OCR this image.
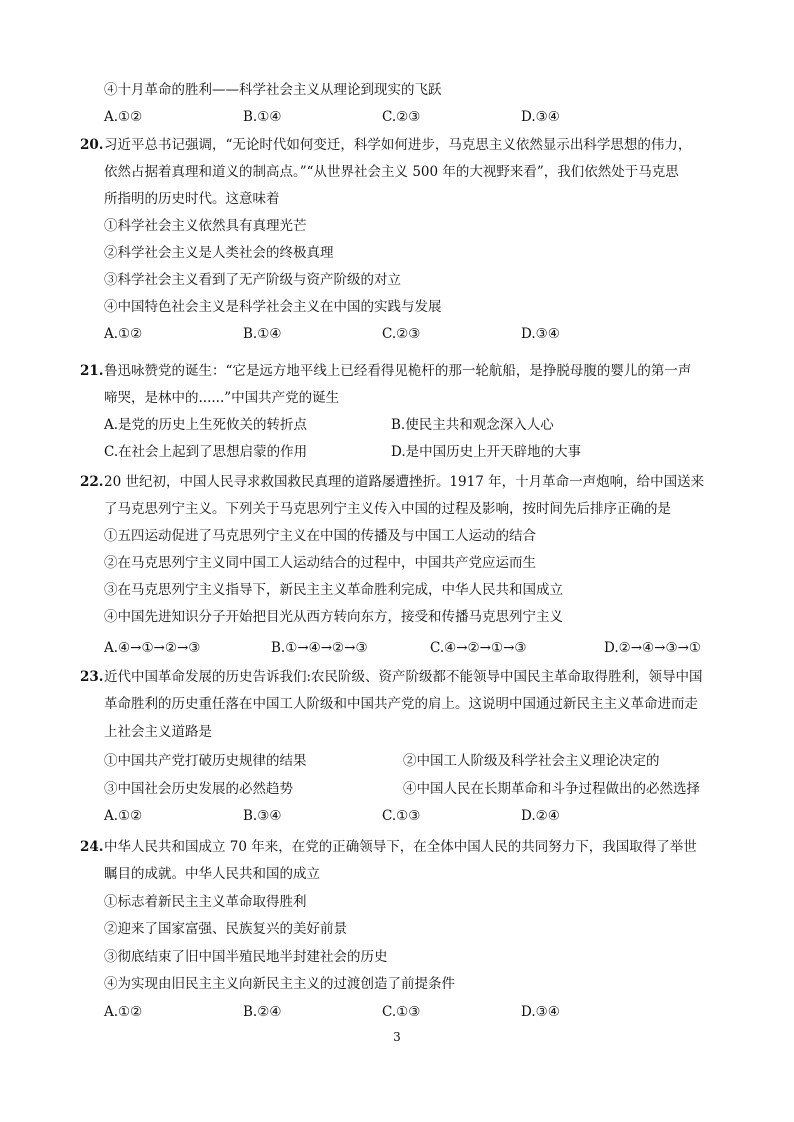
④十月革命的胜利——科学社会主义从理论到现实的飞跃
A.①②	B.①④	C.②③	D.③④
20. 习近平总书记强调，“无论时代如何变迁，科学如何进步，马克思主义依然显示出科学思想的伟力，
依然占据着真理和道义的制高点。”“从世界社会主义 500 年的大视野来看”，我们依然处于马克思
所指明的历史时代。这意味着
①科学社会主义依然具有真理光芒
②科学社会主义是人类社会的终极真理
③科学社会主义看到了无产阶级与资产阶级的对立
④中国特色社会主义是科学社会主义在中国的实践与发展
A.①②	B.①④	C.②③	D.③④
21. 鲁迅咏赞党的诞生：“它是远方地平线上已经看得见桅杆的那一轮航船，是挣脱母腹的婴儿的第一声
啼哭，是林中的......”中国共产党的诞生
A.是党的历史上生死攸关的转折点	B.使民主共和观念深入人心
C.在社会上起到了思想启蒙的作用	D.是中国历史上开天辟地的大事
22. 20 世纪初，中国人民寻求救国救民真理的道路屡遭挫折。1917 年，十月革命一声炮响，给中国送来
了马克思列宁主义。下列关于马克思列宁主义传入中国的过程及影响，按时间先后排序正确的是
①五四运动促进了马克思列宁主义在中国的传播及与中国工人运动的结合
②在马克思列宁主义同中国工人运动结合的过程中，中国共产党应运而生
③在马克思列宁主义指导下，新民主主义革命胜利完成，中华人民共和国成立
④中国先进知识分子开始把目光从西方转向东方，接受和传播马克思列宁主义
A.④→①→②→③	B.①→④→②→③	C.④→②→①→③	D.②→④→③→①
23. 近代中国革命发展的历史告诉我们:农民阶级、资产阶级都不能领导中国民主革命取得胜利，领导中国
革命胜利的历史重任落在中国工人阶级和中国共产党的肩上。这说明中国通过新民主主义革命进而走
上社会主义道路是
①中国共产党打破历史规律的结果	②中国工人阶级及科学社会主义理论决定的
③中国社会历史发展的必然趋势	④中国人民在长期革命和斗争过程做出的必然选择
A.①②	B.③④	C.①③	D.②④
24. 中华人民共和国成立 70 年来，在党的正确领导下，在全体中国人民的共同努力下，我国取得了举世
瞩目的成就。中华人民共和国的成立
①标志着新民主主义革命取得胜利
②迎来了国家富强、民族复兴的美好前景
③彻底结束了旧中国半殖民地半封建社会的历史
④为实现由旧民主主义向新民主主义的过渡创造了前提条件
A.①②	B.②④	C.①③	D.③④
3
